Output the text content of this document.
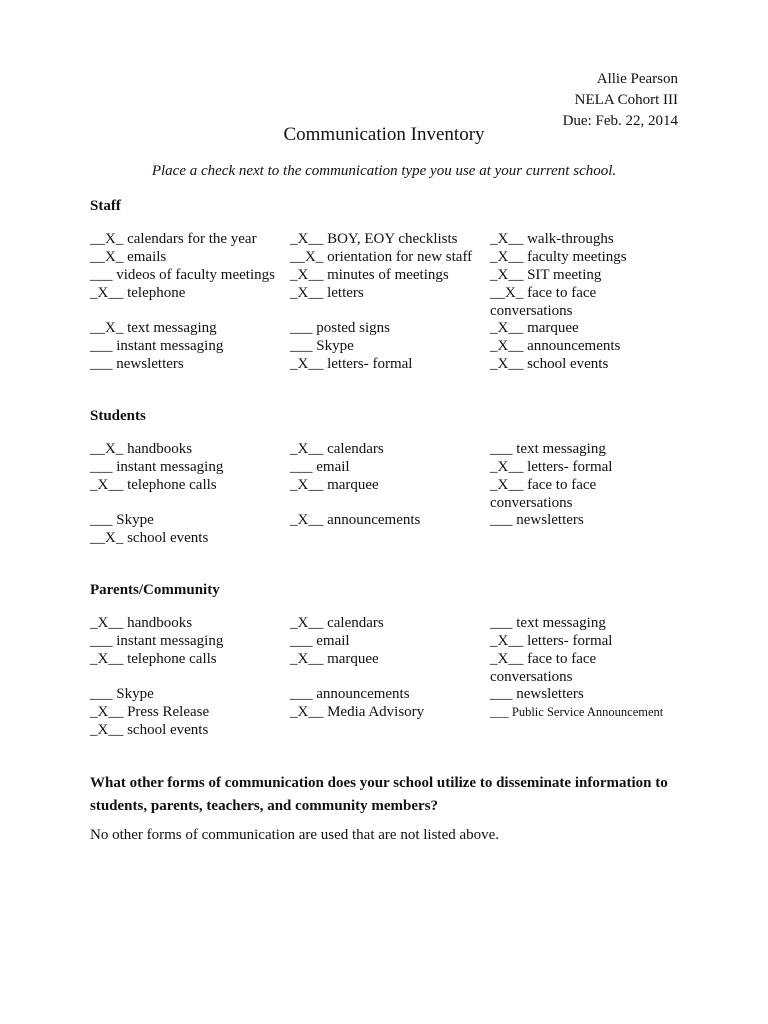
Allie Pearson
NELA Cohort III
Due: Feb. 22, 2014
Communication Inventory
Place a check next to the communication type you use at your current school.
Staff
__X_ calendars for the year
__X_ emails
___ videos of faculty meetings
_X__ telephone
_X__ BOY, EOY checklists
__X_ orientation for new staff
_X__ minutes of meetings
_X__ letters
_X__ walk-throughs
_X__ faculty meetings
_X__ SIT meeting
__X_ face to face conversations
__X_ text messaging
___ instant messaging
___ newsletters
___ posted signs
___ Skype
_X__ letters- formal
_X__ marquee
_X__ announcements
_X__ school events
Students
__X_ handbooks
___ instant messaging
_X__ telephone calls
_X__ calendars
___ email
_X__ marquee
___ text messaging
_X__ letters- formal
_X__ face to face conversations
___ Skype
__X_ school events
_X__ announcements	___ newsletters
Parents/Community
_X__ handbooks
___ instant messaging
_X__ telephone calls
_X__ calendars
___ email
_X__ marquee
___ text messaging
_X__ letters- formal
_X__ face to face conversations
___ Skype
_X__ Press Release
_X__ school events
___ announcements
_X__ Media Advisory
___ newsletters
___ Public Service Announcement
What other forms of communication does your school utilize to disseminate information to students, parents, teachers, and community members?
No other forms of communication are used that are not listed above.
